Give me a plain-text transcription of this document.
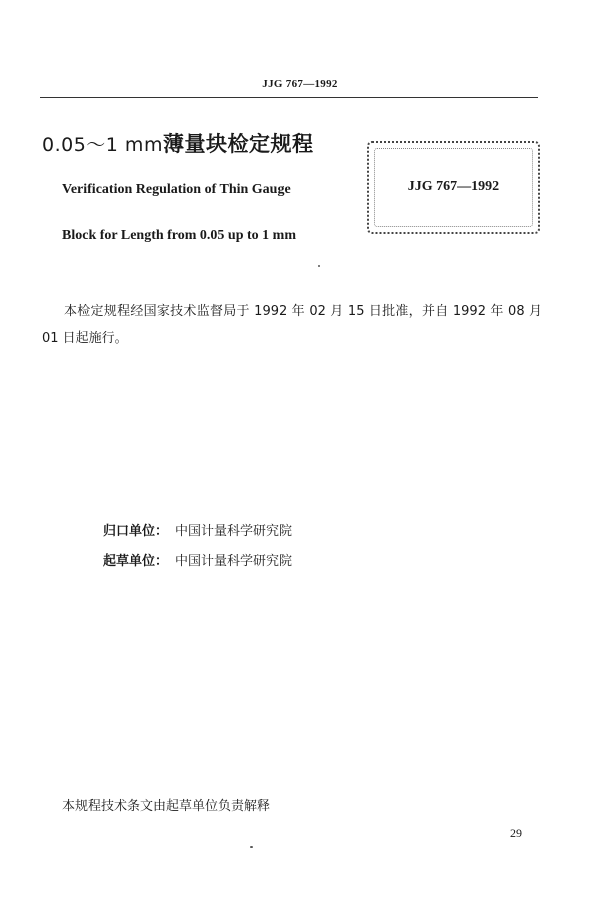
JJG 767—1992
0.05～1 mm薄量块检定规程
Verification Regulation of Thin Gauge
Block for Length from 0.05 up to 1 mm
JJG 767—1992
本检定规程经国家技术监督局于 1992 年 02 月 15 日批准，并自 1992 年 08 月 01 日起施行。
归口单位： 中国计量科学研究院
起草单位： 中国计量科学研究院
本规程技术条文由起草单位负责解释
29
